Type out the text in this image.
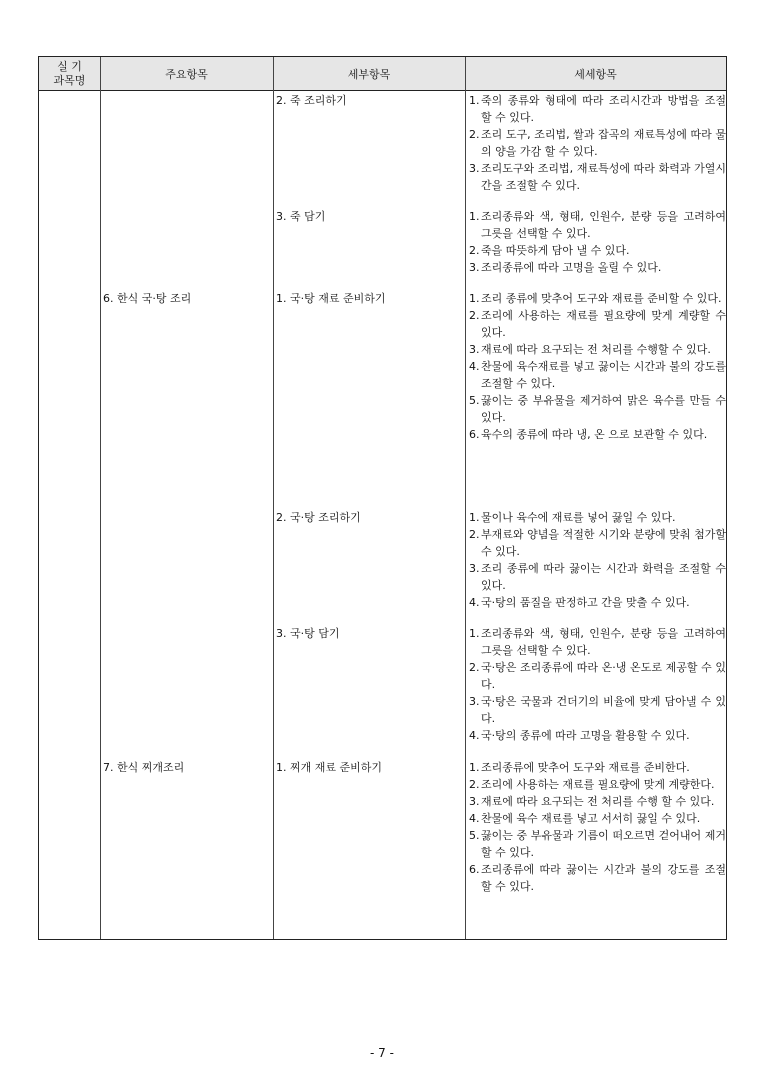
실 기
과목명	주요항목	세부항목	세세항목
2. 죽 조리하기	1. 죽의 종류와 형태에 따라 조리시간과 방법을 조절 할 수 있다.
2. 조리 도구, 조리법, 쌀과 잡곡의 재료특성에 따라 물의 양을 가감 할 수 있다.
3. 조리도구와 조리법, 재료특성에 따라 화력과 가열시간을 조절할 수 있다.
3. 죽 담기	1. 조리종류와 색, 형태, 인원수, 분량 등을 고려하여 그릇을 선택할 수 있다.
2. 죽을 따뜻하게 담아 낼 수 있다.
3. 조리종류에 따라 고명을 올릴 수 있다.
6. 한식 국·탕 조리	1. 국·탕 재료 준비하기	1. 조리 종류에 맞추어 도구와 재료를 준비할 수 있다.
2. 조리에 사용하는 재료를 필요량에 맞게 계량할 수 있다.
3. 재료에 따라 요구되는 전 처리를 수행할 수 있다.
4. 찬물에 육수재료를 넣고 끓이는 시간과 불의 강도를 조절할 수 있다.
5. 끓이는 중 부유물을 제거하여 맑은 육수를 만들 수 있다.
6. 육수의 종류에 따라 냉, 온 으로 보관할 수 있다.
2. 국·탕 조리하기	1. 물이나 육수에 재료를 넣어 끓일 수 있다.
2. 부재료와 양념을 적절한 시기와 분량에 맞춰 첨가할 수 있다.
3. 조리 종류에 따라 끓이는 시간과 화력을 조절할 수 있다.
4. 국·탕의 품질을 판정하고 간을 맞출 수 있다.
3. 국·탕 담기	1. 조리종류와 색, 형태, 인원수, 분량 등을 고려하여 그릇을 선택할 수 있다.
2. 국·탕은 조리종류에 따라 온·냉 온도로 제공할 수 있다.
3. 국·탕은 국물과 건더기의 비율에 맞게 담아낼 수 있다.
4. 국·탕의 종류에 따라 고명을 활용할 수 있다.
7. 한식 찌개조리	1. 찌개 재료 준비하기	1. 조리종류에 맞추어 도구와 재료를 준비한다.
2. 조리에 사용하는 재료를 필요량에 맞게 계량한다.
3. 재료에 따라 요구되는 전 처리를 수행 할 수 있다.
4. 찬물에 육수 재료를 넣고 서서히 끓일 수 있다.
5. 끓이는 중 부유물과 기름이 떠오르면 걷어내어 제거할 수 있다.
6. 조리종류에 따라 끓이는 시간과 불의 강도를 조절 할 수 있다.
- 7 -
